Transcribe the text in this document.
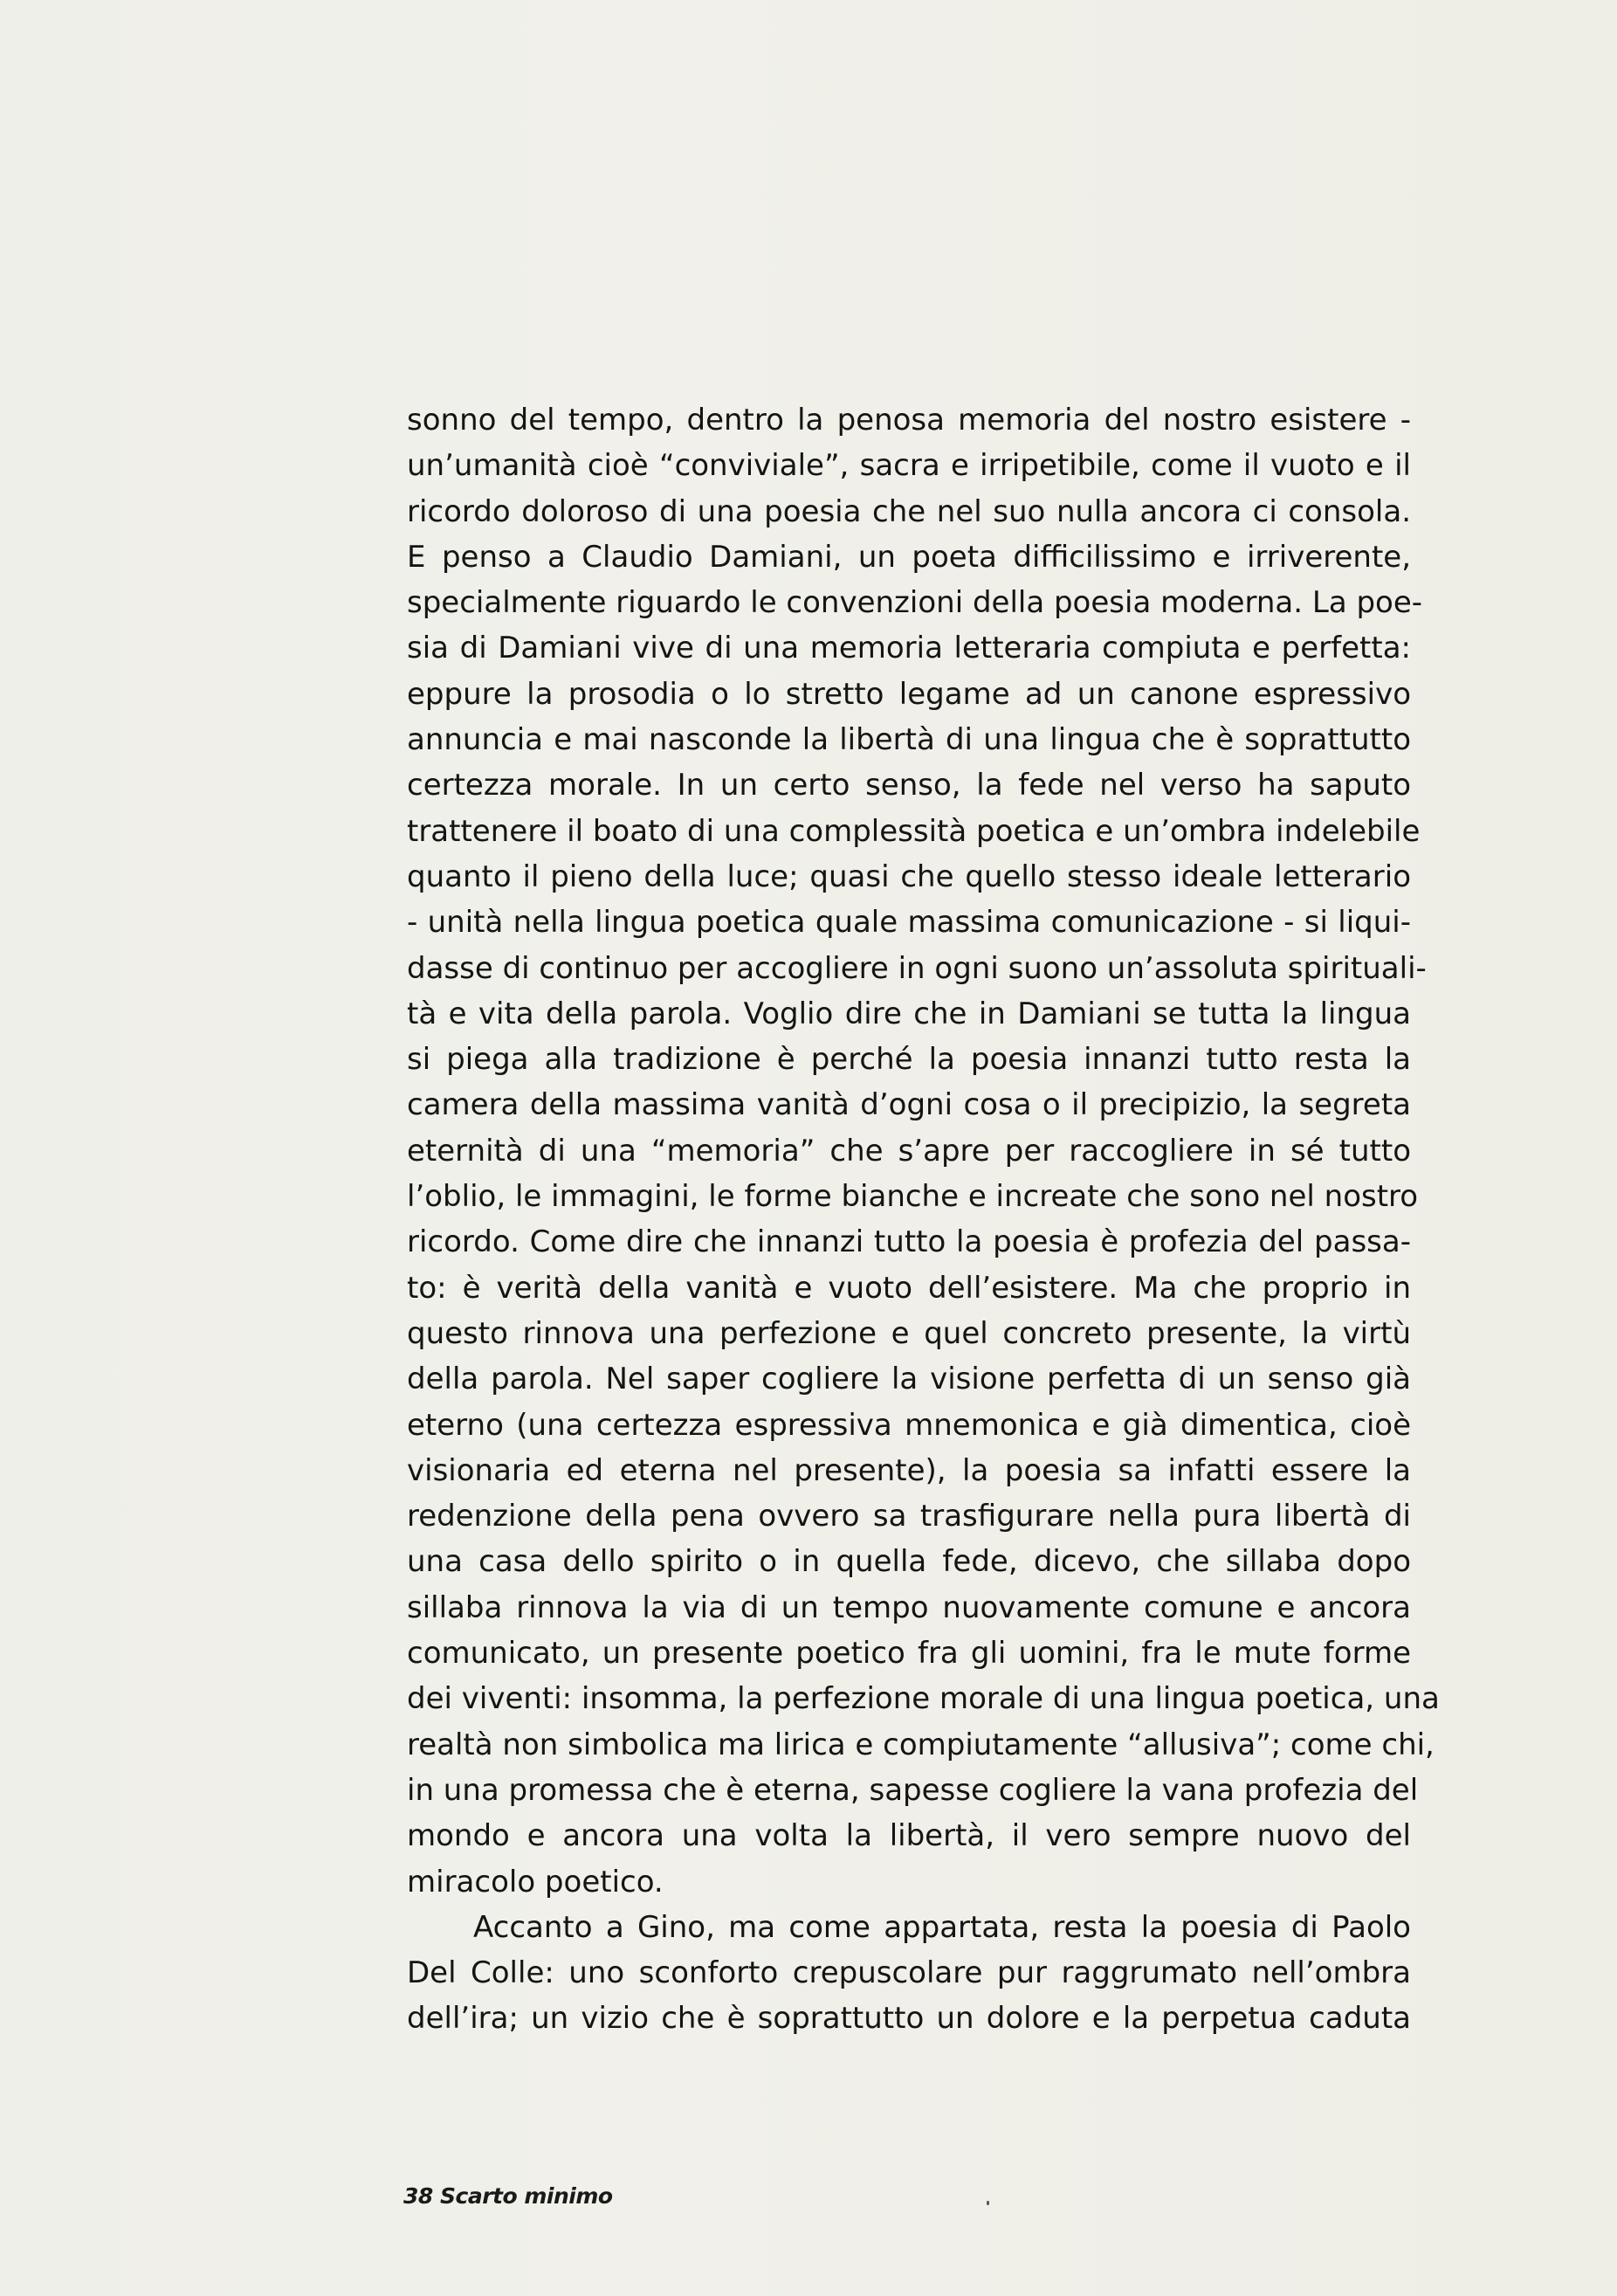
sonno del tempo, dentro la penosa memoria del nostro esistere -
un’umanità cioè “conviviale”, sacra e irripetibile, come il vuoto e il
ricordo doloroso di una poesia che nel suo nulla ancora ci consola.
E penso a Claudio Damiani, un poeta difficilissimo e irriverente,
specialmente riguardo le convenzioni della poesia moderna. La poe-
sia di Damiani vive di una memoria letteraria compiuta e perfetta:
eppure la prosodia o lo stretto legame ad un canone espressivo
annuncia e mai nasconde la libertà di una lingua che è soprattutto
certezza morale. In un certo senso, la fede nel verso ha saputo
trattenere il boato di una complessità poetica e un’ombra indelebile
quanto il pieno della luce; quasi che quello stesso ideale letterario
- unità nella lingua poetica quale massima comunicazione - si liqui-
dasse di continuo per accogliere in ogni suono un’assoluta spirituali-
tà e vita della parola. Voglio dire che in Damiani se tutta la lingua
si piega alla tradizione è perché la poesia innanzi tutto resta la
camera della massima vanità d’ogni cosa o il precipizio, la segreta
eternità di una “memoria” che s’apre per raccogliere in sé tutto
l’oblio, le immagini, le forme bianche e increate che sono nel nostro
ricordo. Come dire che innanzi tutto la poesia è profezia del passa-
to: è verità della vanità e vuoto dell’esistere. Ma che proprio in
questo rinnova una perfezione e quel concreto presente, la virtù
della parola. Nel saper cogliere la visione perfetta di un senso già
eterno (una certezza espressiva mnemonica e già dimentica, cioè
visionaria ed eterna nel presente), la poesia sa infatti essere la
redenzione della pena ovvero sa trasfigurare nella pura libertà di
una casa dello spirito o in quella fede, dicevo, che sillaba dopo
sillaba rinnova la via di un tempo nuovamente comune e ancora
comunicato, un presente poetico fra gli uomini, fra le mute forme
dei viventi: insomma, la perfezione morale di una lingua poetica, una
realtà non simbolica ma lirica e compiutamente “allusiva”; come chi,
in una promessa che è eterna, sapesse cogliere la vana profezia del
mondo e ancora una volta la libertà, il vero sempre nuovo del
miracolo poetico.
Accanto a Gino, ma come appartata, resta la poesia di Paolo
Del Colle: uno sconforto crepuscolare pur raggrumato nell’ombra
dell’ira; un vizio che è soprattutto un dolore e la perpetua caduta
38 Scarto minimo
